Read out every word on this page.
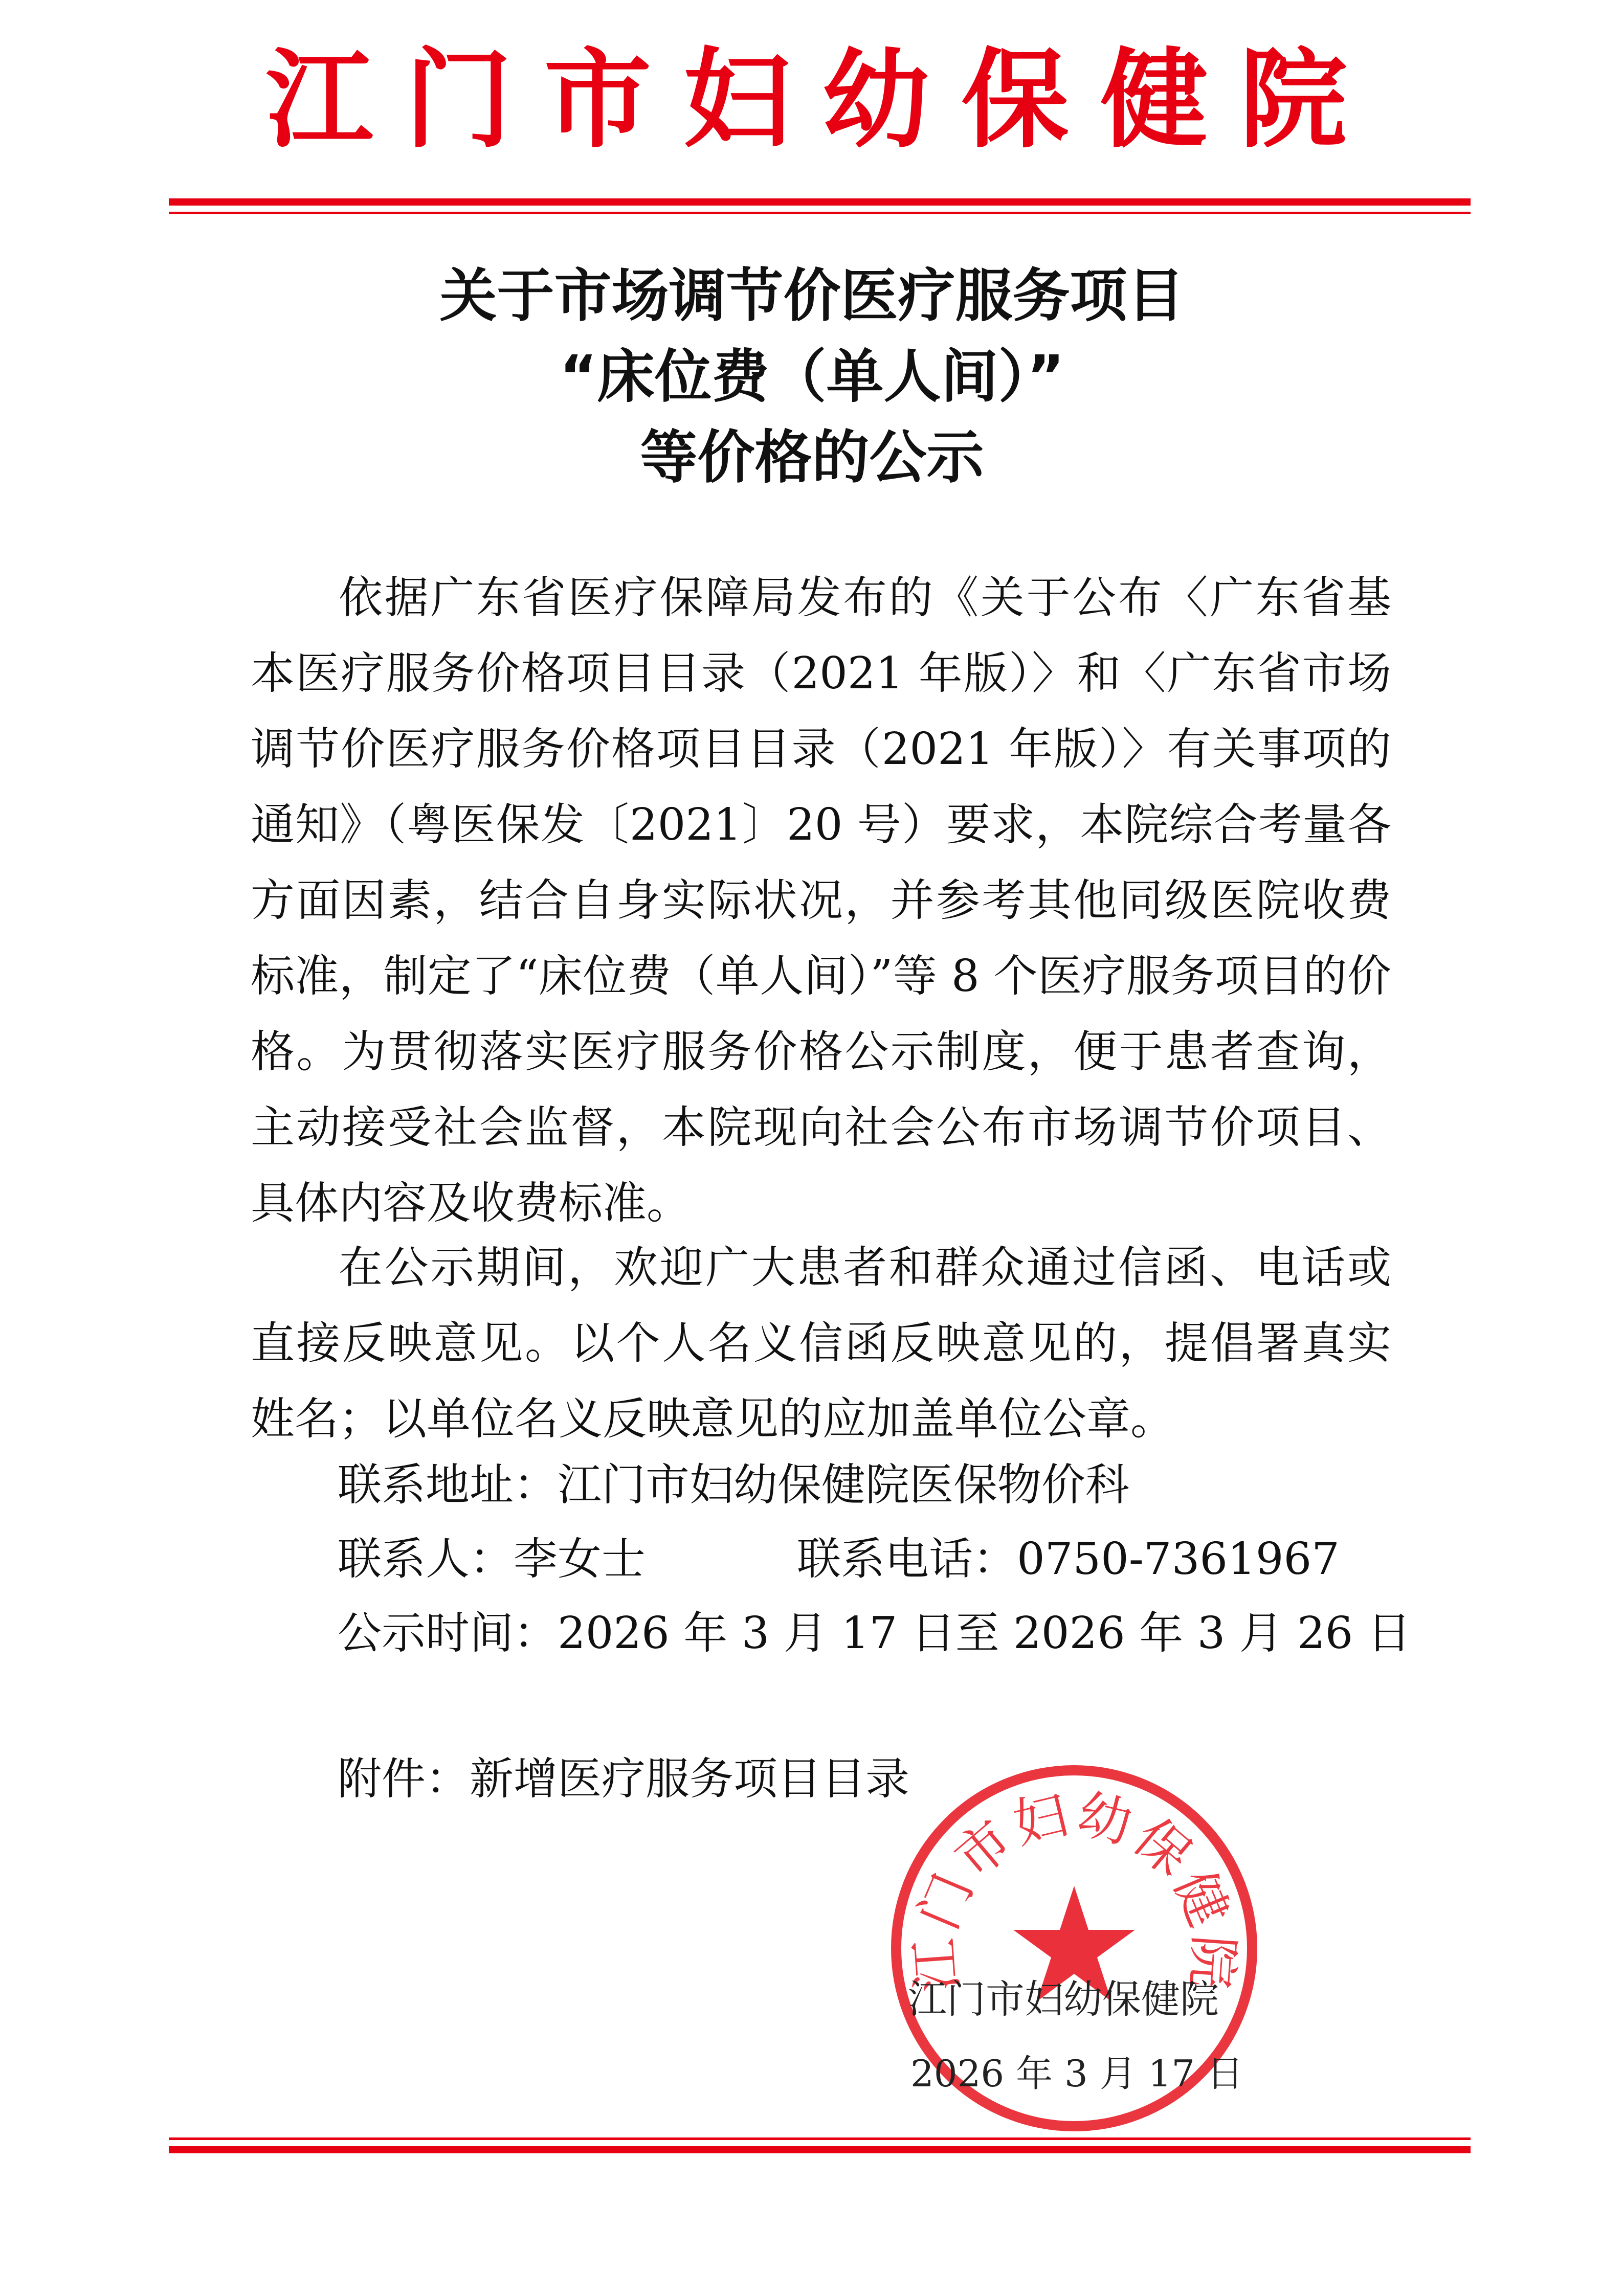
江门市妇幼保健院
关于市场调节价医疗服务项目
“床位费（单人间）”
等价格的公示

依据广东省医疗保障局发布的《关于公布〈广东省基本医疗服务价格项目目录（2021 年版）〉和〈广东省市场调节价医疗服务价格项目目录（2021 年版）〉有关事项的通知》（粤医保发〔2021〕20 号）要求，本院综合考量各方面因素，结合自身实际状况，并参考其他同级医院收费标准，制定了“床位费（单人间）”等 8 个医疗服务项目的价格。为贯彻落实医疗服务价格公示制度，便于患者查询，主动接受社会监督，本院现向社会公布市场调节价项目、具体内容及收费标准。

在公示期间，欢迎广大患者和群众通过信函、电话或直接反映意见。以个人名义信函反映意见的，提倡署真实姓名；以单位名义反映意见的应加盖单位公章。

联系地址：江门市妇幼保健院医保物价科
联系人：李女士	联系电话：0750-7361967
公示时间：2026 年 3 月 17 日至 2026 年 3 月 26 日
附件：新增医疗服务项目目录
江门市妇幼保健院
江门市妇幼保健院
2026 年 3 月 17 日
